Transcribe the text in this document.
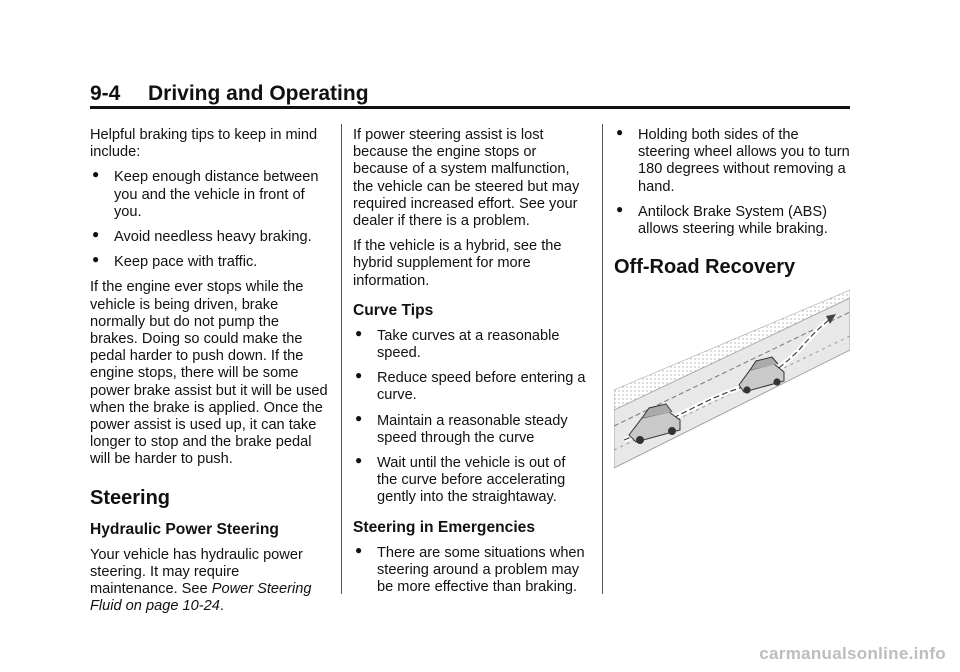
9-4 Driving and Operating

Helpful braking tips to keep in mind include:

● Keep enough distance between you and the vehicle in front of you.
● Avoid needless heavy braking.
● Keep pace with traffic.

If the engine ever stops while the vehicle is being driven, brake normally but do not pump the brakes. Doing so could make the pedal harder to push down. If the engine stops, there will be some power brake assist but it will be used when the brake is applied. Once the power assist is used up, it can take longer to stop and the brake pedal will be harder to push.

Steering
Hydraulic Power Steering

Your vehicle has hydraulic power steering. It may require maintenance. See Power Steering Fluid on page 10-24.

If power steering assist is lost because the engine stops or because of a system malfunction, the vehicle can be steered but may required increased effort. See your dealer if there is a problem.

If the vehicle is a hybrid, see the hybrid supplement for more information.

Curve Tips
● Take curves at a reasonable speed.
● Reduce speed before entering a curve.
● Maintain a reasonable steady speed through the curve
● Wait until the vehicle is out of the curve before accelerating gently into the straightaway.
Steering in Emergencies
● There are some situations when steering around a problem may be more effective than braking.
● Holding both sides of the steering wheel allows you to turn 180 degrees without removing a hand.
● Antilock Brake System (ABS) allows steering while braking.
Off-Road Recovery
carmanualsonline.info
